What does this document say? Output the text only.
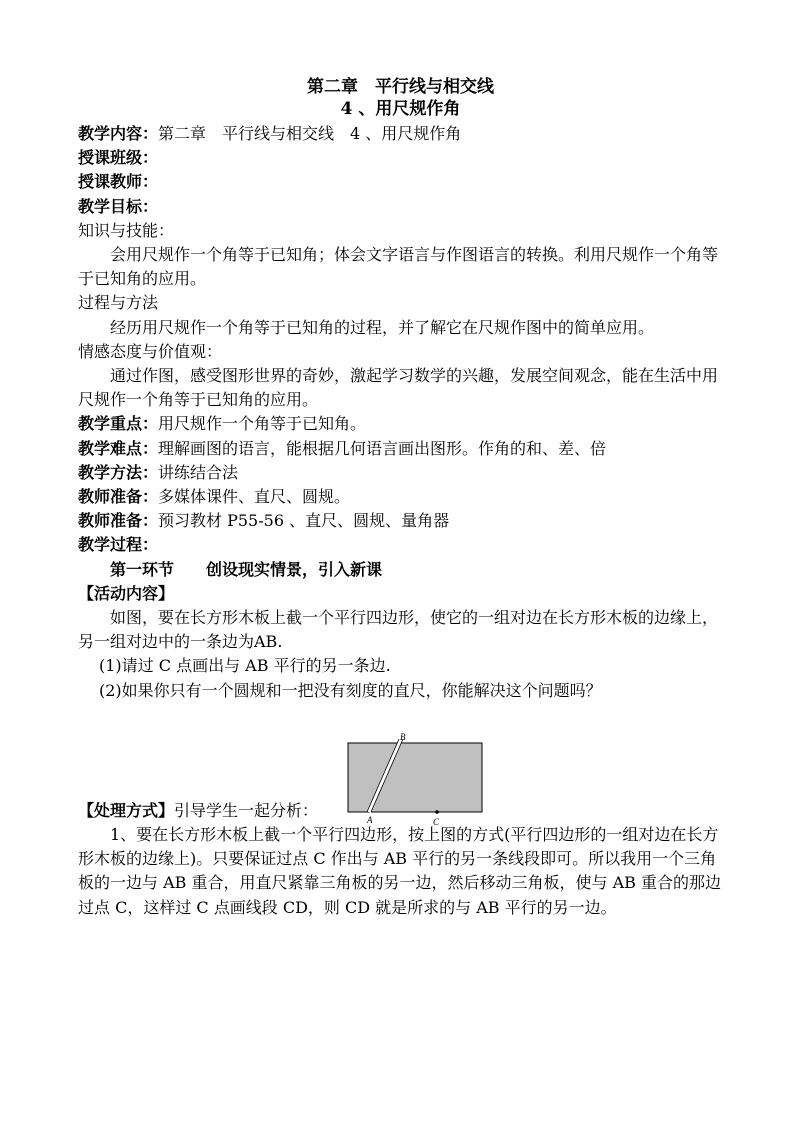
第二章　平行线与相交线
4 、用尺规作角
教学内容：第二章　平行线与相交线　4 、用尺规作角
授课班级：
授课教师：
教学目标：
知识与技能：
会用尺规作一个角等于已知角；体会文字语言与作图语言的转换。利用尺规作一个角等于已知角的应用。
过程与方法
经历用尺规作一个角等于已知角的过程，并了解它在尺规作图中的简单应用。
情感态度与价值观：
通过作图，感受图形世界的奇妙，激起学习数学的兴趣，发展空间观念，能在生活中用尺规作一个角等于已知角的应用。
教学重点：用尺规作一个角等于已知角。
教学难点：理解画图的语言，能根据几何语言画出图形。作角的和、差、倍
教学方法：讲练结合法
教师准备：多媒体课件、直尺、圆规。
教师准备：预习教材 P55-56 、直尺、圆规、量角器
教学过程：
第一环节　　创设现实情景，引入新课
【活动内容】
如图，要在长方形木板上截一个平行四边形，使它的一组对边在长方形木板的边缘上，另一组对边中的一条边为AB.
(1)请过 C 点画出与 AB 平行的另一条边.
(2)如果你只有一个圆规和一把没有刻度的直尺，你能解决这个问题吗？
【处理方式】引导学生一起分析：
1、要在长方形木板上截一个平行四边形，按上图的方式(平行四边形的一组对边在长方形木板的边缘上)。只要保证过点 C 作出与 AB 平行的另一条线段即可。所以我用一个三角板的一边与 AB 重合，用直尺紧靠三角板的另一边，然后移动三角板，使与 AB 重合的那边过点 C，这样过 C 点画线段 CD，则 CD 就是所求的与 AB 平行的另一边。
B
A	C
